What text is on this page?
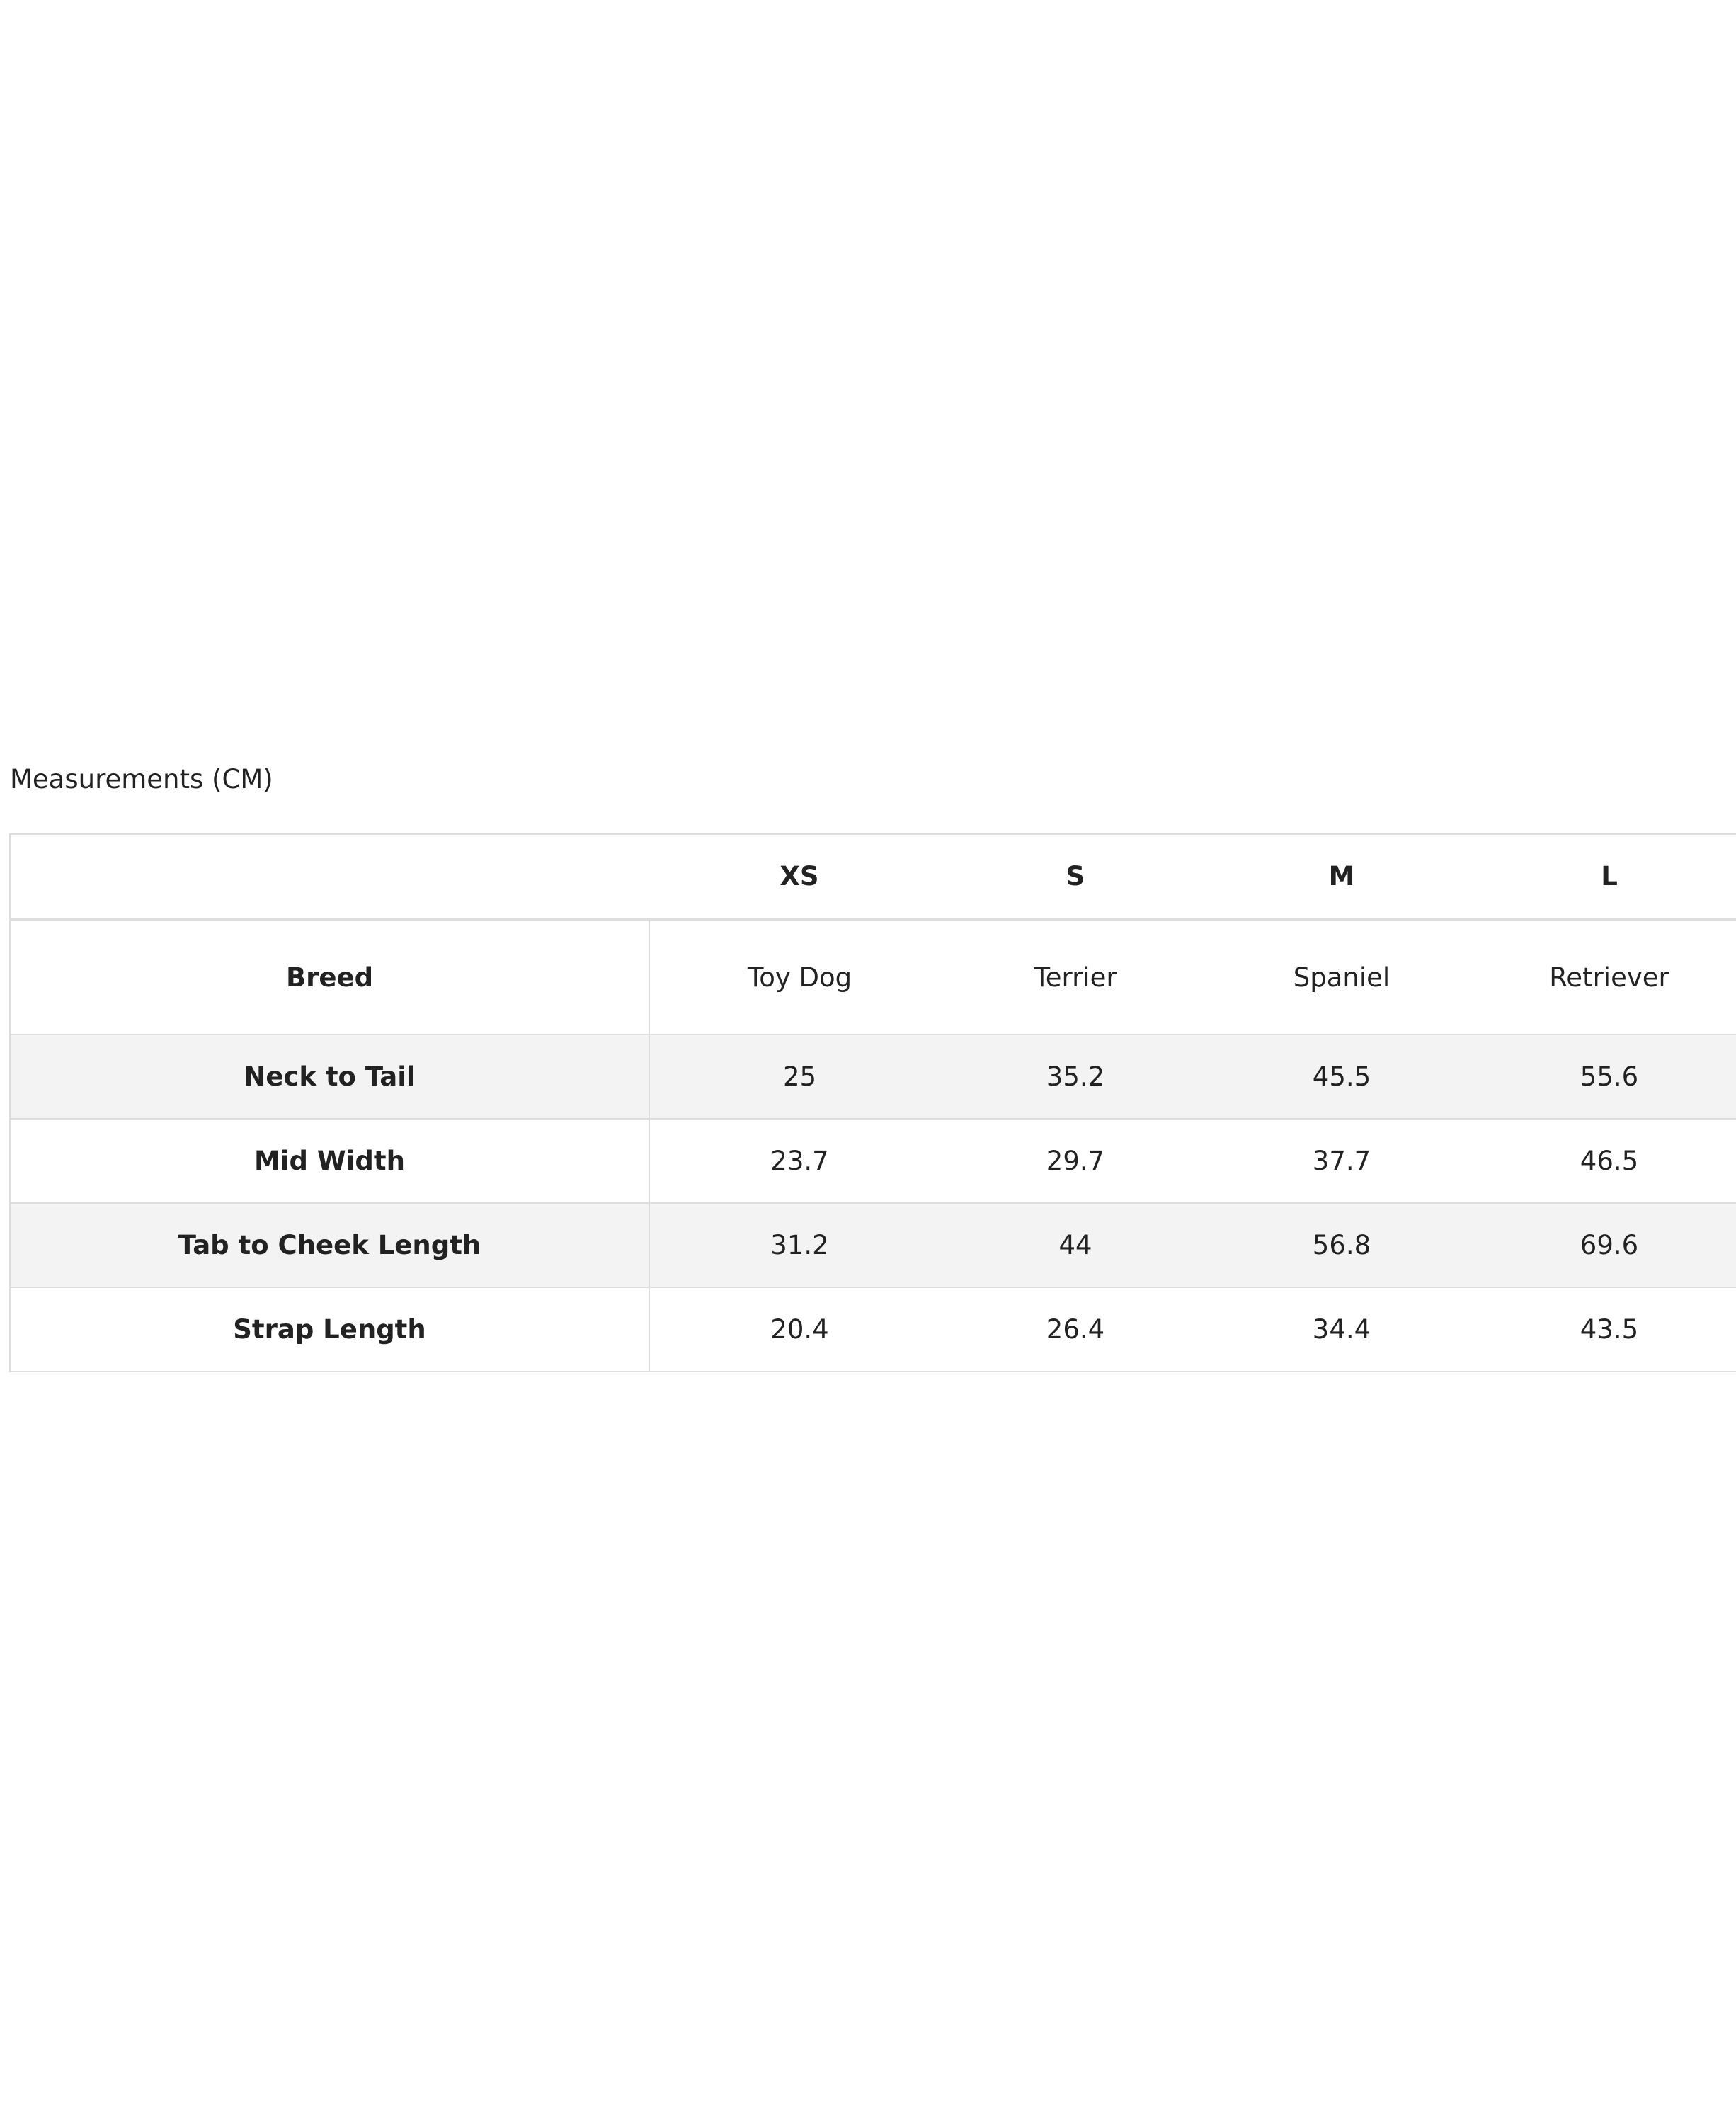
Measurements (CM)
	XS	S	M	L
Breed	Toy Dog	Terrier	Spaniel	Retriever
Neck to Tail	25	35.2	45.5	55.6
Mid Width	23.7	29.7	37.7	46.5
Tab to Cheek Length	31.2	44	56.8	69.6
Strap Length	20.4	26.4	34.4	43.5
